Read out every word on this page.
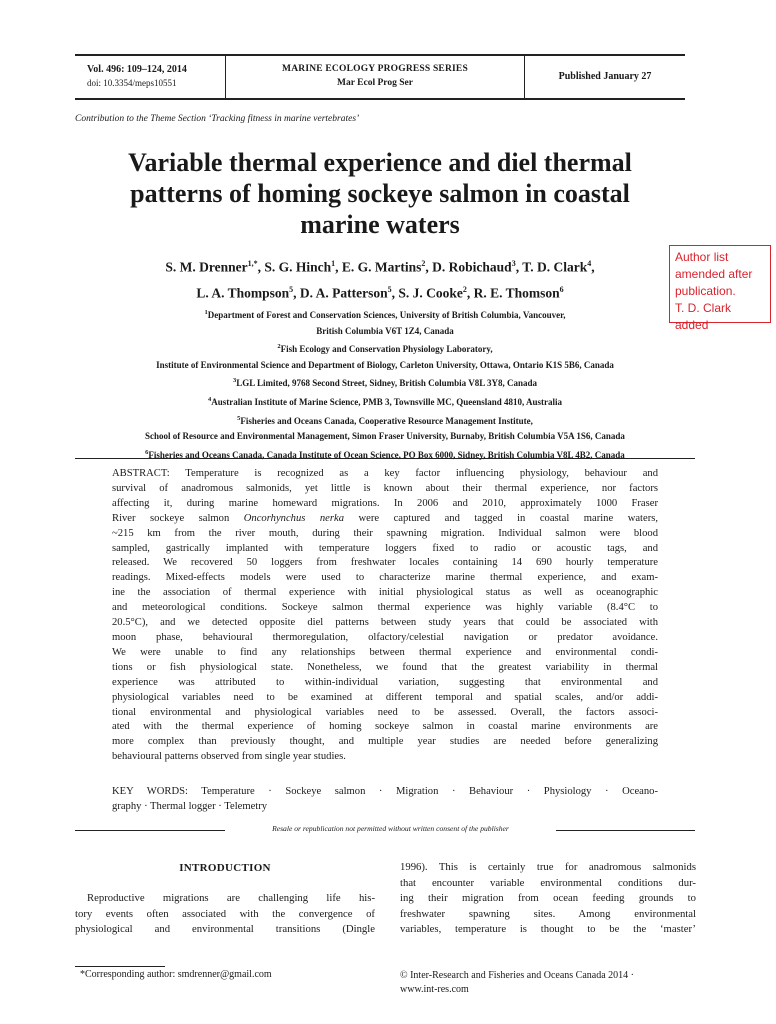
Vol. 496: 109–124, 2014
doi: 10.3354/meps10551
MARINE ECOLOGY PROGRESS SERIES
Mar Ecol Prog Ser
Published January 27
Contribution to the Theme Section ‘Tracking fitness in marine vertebrates’
Variable thermal experience and diel thermal
patterns of homing sockeye salmon in coastal
marine waters
S. M. Drenner$^{1,*}$, S. G. Hinch$^1$, E. G. Martins$^2$, D. Robichaud$^3$, T. D. Clark$^4$,
L. A. Thompson$^5$, D. A. Patterson$^5$, S. J. Cooke$^2$, R. E. Thomson$^6$
Author list
amended after
publication.
T. D. Clark added
$^1$Department of Forest and Conservation Sciences, University of British Columbia, Vancouver,
British Columbia V6T 1Z4, Canada
$^2$Fish Ecology and Conservation Physiology Laboratory,
Institute of Environmental Science and Department of Biology, Carleton University, Ottawa, Ontario K1S 5B6, Canada
$^3$LGL Limited, 9768 Second Street, Sidney, British Columbia V8L 3Y8, Canada
$^4$Australian Institute of Marine Science, PMB 3, Townsville MC, Queensland 4810, Australia
$^5$Fisheries and Oceans Canada, Cooperative Resource Management Institute,
School of Resource and Environmental Management, Simon Fraser University, Burnaby, British Columbia V5A 1S6, Canada
$^6$Fisheries and Oceans Canada, Canada Institute of Ocean Science, PO Box 6000, Sidney, British Columbia V8L 4B2, Canada
ABSTRACT: Temperature is recognized as a key factor influencing physiology, behaviour and
survival of anadromous salmonids, yet little is known about their thermal experience, nor factors
affecting it, during marine homeward migrations. In 2006 and 2010, approximately 1000 Fraser
River sockeye salmon Oncorhynchus nerka were captured and tagged in coastal marine waters,
~215 km from the river mouth, during their spawning migration. Individual salmon were blood
sampled, gastrically implanted with temperature loggers fixed to radio or acoustic tags, and
released. We recovered 50 loggers from freshwater locales containing 14 690 hourly temperature
readings. Mixed-effects models were used to characterize marine thermal experience, and exam-
ine the association of thermal experience with initial physiological status as well as oceanographic
and meteorological conditions. Sockeye salmon thermal experience was highly variable (8.4°C to
20.5°C), and we detected opposite diel patterns between study years that could be associated with
moon phase, behavioural thermoregulation, olfactory/celestial navigation or predator avoidance.
We were unable to find any relationships between thermal experience and environmental condi-
tions or fish physiological state. Nonetheless, we found that the greatest variability in thermal
experience was attributed to within-individual variation, suggesting that environmental and
physiological variables need to be examined at different temporal and spatial scales, and/or addi-
tional environmental and physiological variables need to be assessed. Overall, the factors associ-
ated with the thermal experience of homing sockeye salmon in coastal marine environments are
more complex than previously thought, and multiple year studies are needed before generalizing
behavioural patterns observed from single year studies.
KEY WORDS: Temperature · Sockeye salmon · Migration · Behaviour · Physiology · Oceano-
graphy · Thermal logger · Telemetry
Resale or republication not permitted without written consent of the publisher
INTRODUCTION
Reproductive migrations are challenging life his-
tory events often associated with the convergence of
physiological and environmental transitions (Dingle
1996). This is certainly true for anadromous salmonids
that encounter variable environmental conditions dur-
ing their migration from ocean feeding grounds to
freshwater spawning sites. Among environmental
variables, temperature is thought to be the ‘master’
*Corresponding author: smdrenner@gmail.com	© Inter-Research and Fisheries and Oceans Canada 2014 ·
www.int-res.com
